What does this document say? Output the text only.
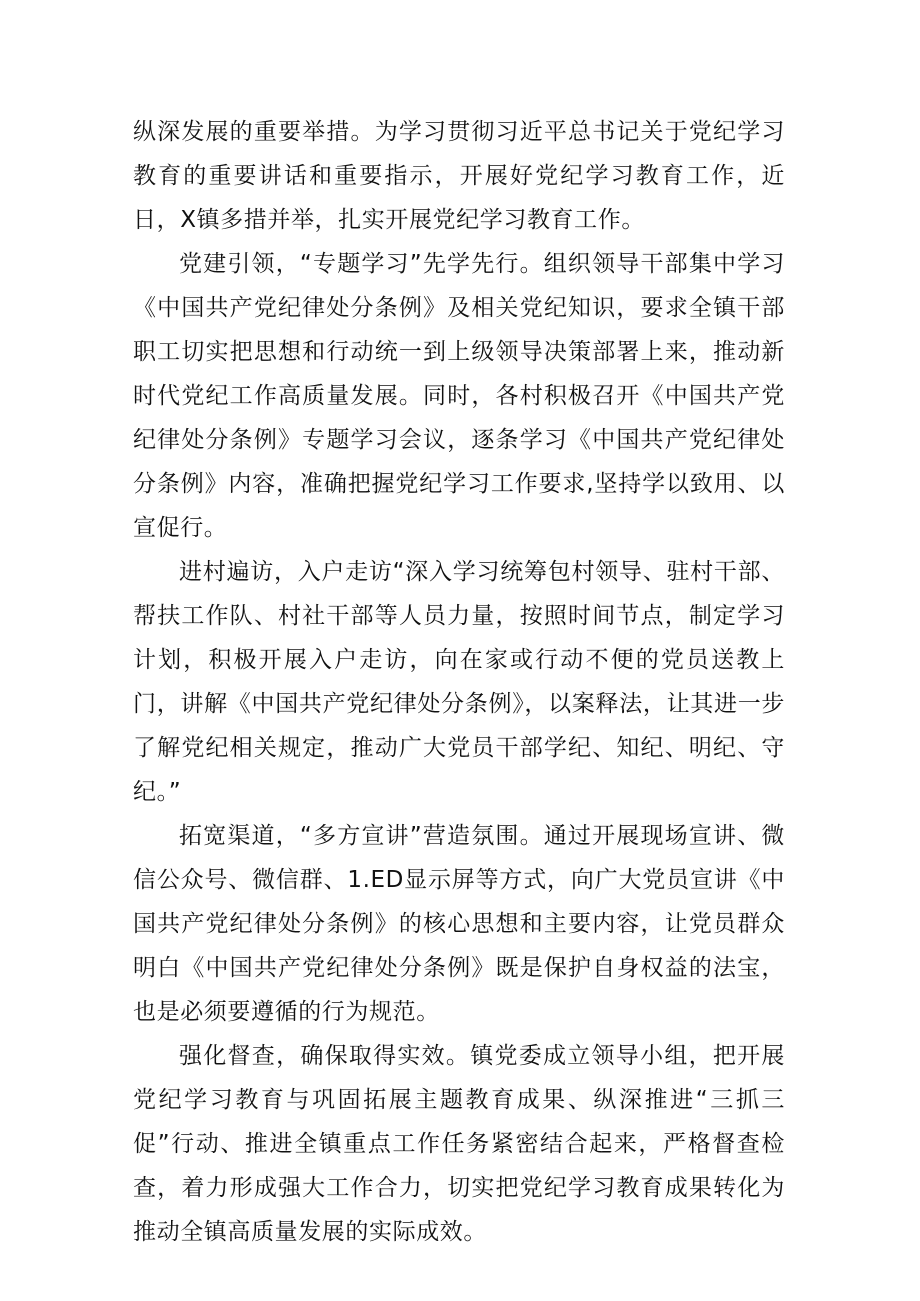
纵深发展的重要举措。为学习贯彻习近平总书记关于党纪学习教育的重要讲话和重要指示，开展好党纪学习教育工作，近日，X镇多措并举，扎实开展党纪学习教育工作。

党建引领，“专题学习”先学先行。组织领导干部集中学习《中国共产党纪律处分条例》及相关党纪知识，要求全镇干部职工切实把思想和行动统一到上级领导决策部署上来，推动新时代党纪工作高质量发展。同时，各村积极召开《中国共产党纪律处分条例》专题学习会议，逐条学习《中国共产党纪律处分条例》内容，准确把握党纪学习工作要求,坚持学以致用、以宣促行。

进村遍访，入户走访“深入学习统筹包村领导、驻村干部、帮扶工作队、村社干部等人员力量，按照时间节点，制定学习计划，积极开展入户走访，向在家或行动不便的党员送教上门，讲解《中国共产党纪律处分条例》，以案释法，让其进一步了解党纪相关规定，推动广大党员干部学纪、知纪、明纪、守纪。”

拓宽渠道，“多方宣讲”营造氛围。通过开展现场宣讲、微信公众号、微信群、1.ED显示屏等方式，向广大党员宣讲《中国共产党纪律处分条例》的核心思想和主要内容，让党员群众明白《中国共产党纪律处分条例》既是保护自身权益的法宝，也是必须要遵循的行为规范。

强化督查，确保取得实效。镇党委成立领导小组，把开展党纪学习教育与巩固拓展主题教育成果、纵深推进“三抓三促”行动、推进全镇重点工作任务紧密结合起来，严格督查检查，着力形成强大工作合力，切实把党纪学习教育成果转化为推动全镇高质量发展的实际成效。
